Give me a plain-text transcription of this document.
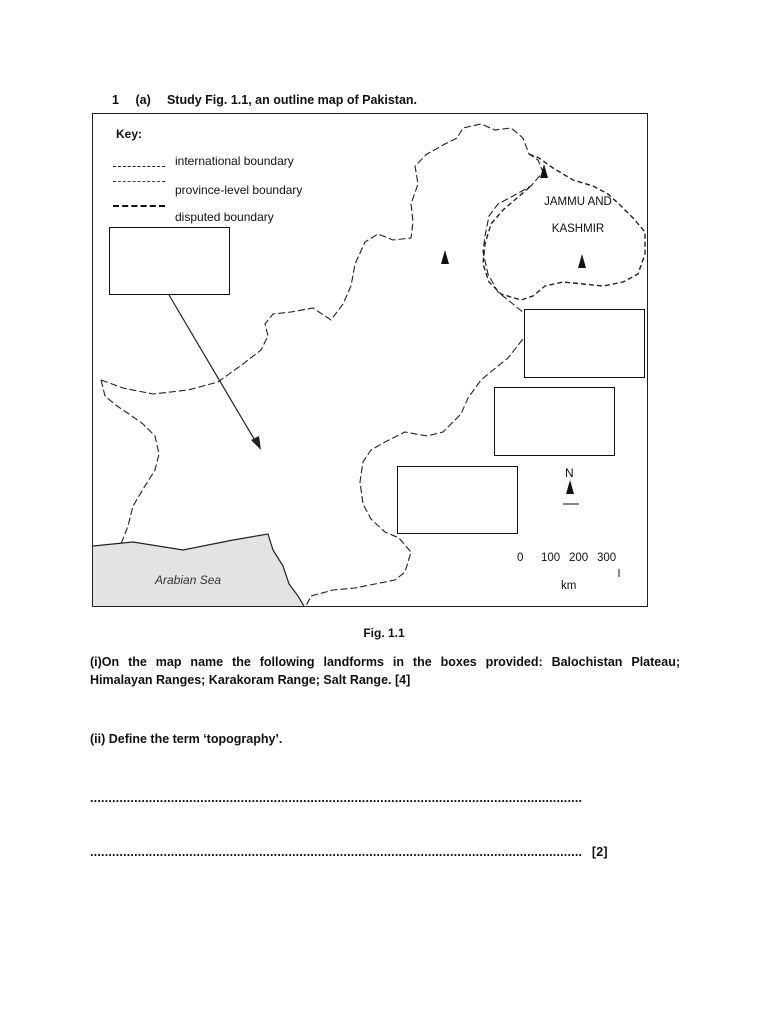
1 (a) Study Fig. 1.1, an outline map of Pakistan.
Key:
international boundary
province-level boundary
disputed boundary
JAMMU AND
KASHMIR
Arabian Sea
N
0 100 200 300
km
Fig. 1.1
(i)On the map name the following landforms in the boxes provided: Balochistan Plateau; Himalayan Ranges; Karakoram Range; Salt Range. [4]
(ii) Define the term ‘topography’.
......................................................................................................................................
...................................................................................................................................... [2]
